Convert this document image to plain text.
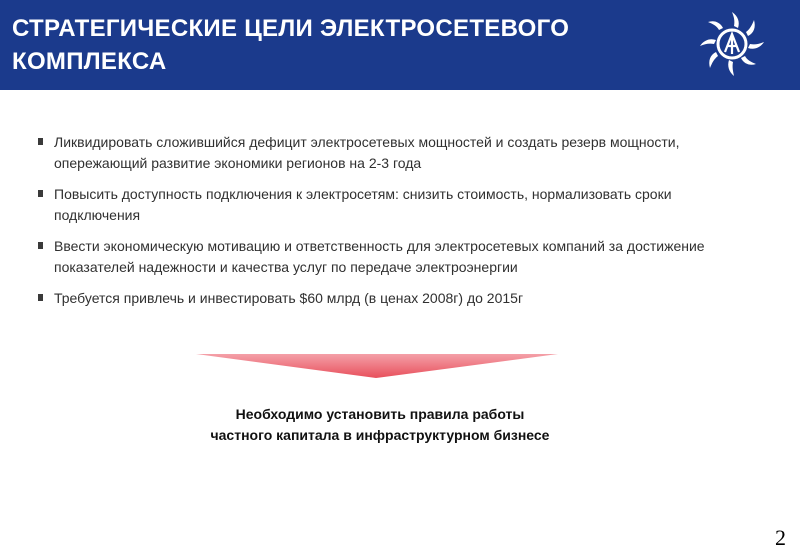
СТРАТЕГИЧЕСКИЕ ЦЕЛИ ЭЛЕКТРОСЕТЕВОГО КОМПЛЕКСА
Ликвидировать сложившийся дефицит электросетевых мощностей и создать резерв мощности, опережающий развитие экономики регионов на 2-3 года
Повысить доступность подключения к электросетям: снизить стоимость, нормализовать сроки подключения
Ввести экономическую мотивацию и ответственность для электросетевых компаний за достижение показателей надежности и качества услуг по передаче электроэнергии
Требуется привлечь и инвестировать $60 млрд (в ценах 2008г) до 2015г
Необходимо установить правила работы
частного капитала в инфраструктурном бизнесе
2
